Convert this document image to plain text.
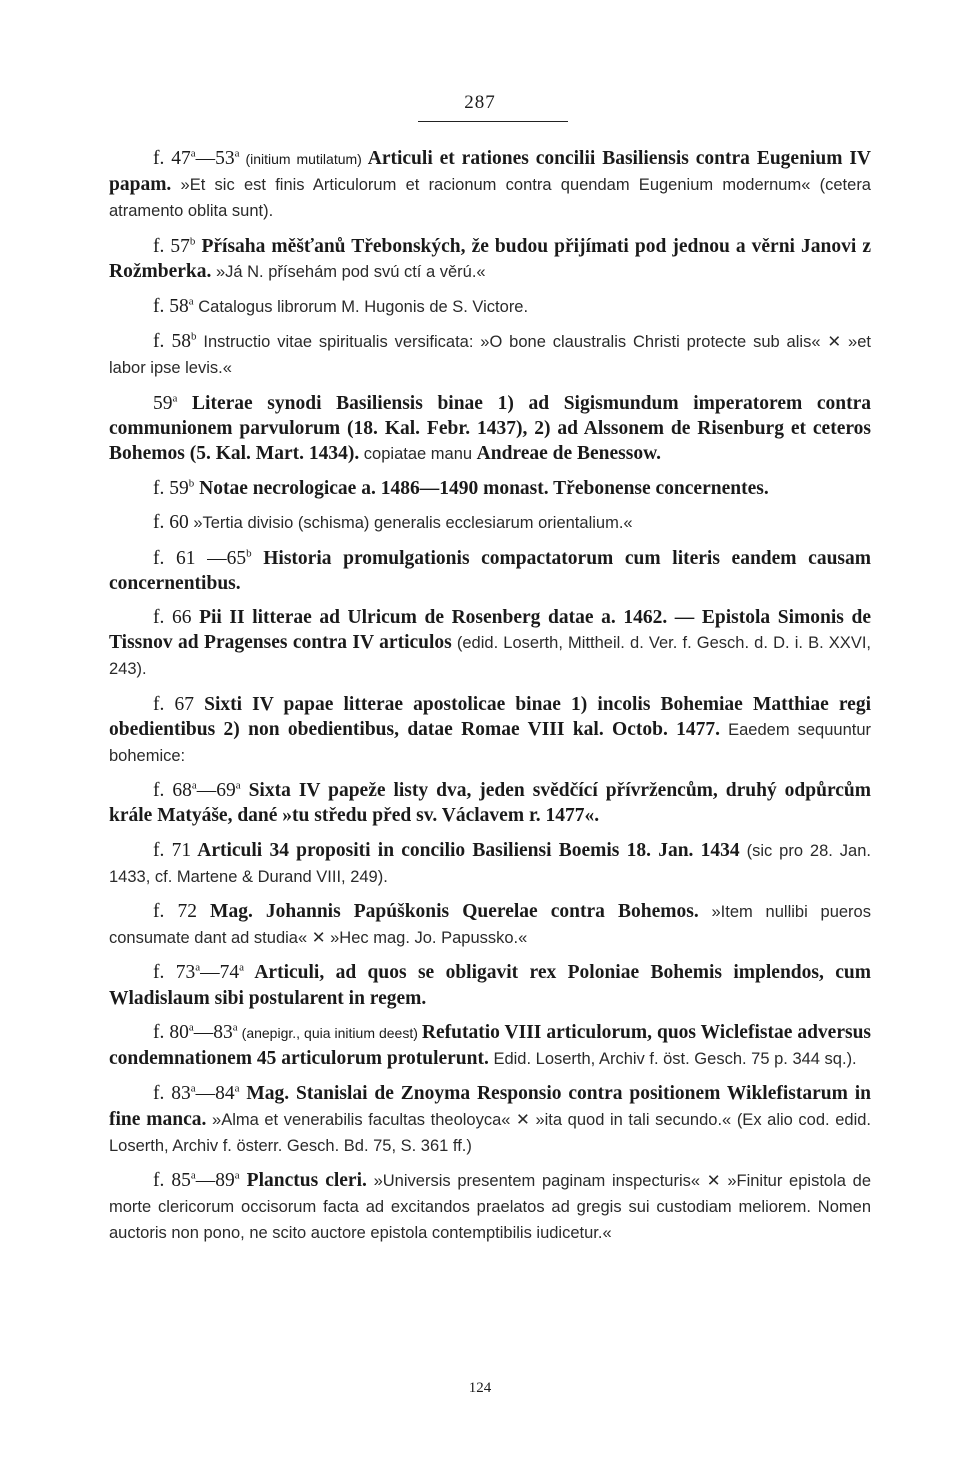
287

f. 47$^a$—53$^a$ (initium mutilatum) Articuli et rationes concilii Basiliensis contra Eugenium IV papam. »Et sic est finis Articulorum et racionum contra quendam Eugenium modernum« (cetera atramento oblita sunt).

f. 57$^b$ Přísaha měšťanů Třebonských, že budou přijímati pod jednou a věrni Janovi z Rožmberka. »Já N. přísehám pod svú ctí a věrú.«

f. 58$^a$ Catalogus librorum M. Hugonis de S. Victore.

f. 58$^b$ Instructio vitae spiritualis versificata: »O bone claustralis Christi protecte sub alis« ✕ »et labor ipse levis.«

59$^a$ Literae synodi Basiliensis binae 1) ad Sigismundum imperatorem contra communionem parvulorum (18. Kal. Febr. 1437), 2) ad Alssonem de Risenburg et ceteros Bohemos (5. Kal. Mart. 1434). copiatae manu Andreae de Benessow.

f. 59$^b$ Notae necrologicae a. 1486—1490 monast. Třebonense concernentes.

f. 60 »Tertia divisio (schisma) generalis ecclesiarum orientalium.«

f. 61 —65$^b$ Historia promulgationis compactatorum cum literis eandem causam concernentibus.

f. 66 Pii II litterae ad Ulricum de Rosenberg datae a. 1462. — Epistola Simonis de Tissnov ad Pragenses contra IV articulos (edid. Loserth, Mittheil. d. Ver. f. Gesch. d. D. i. B. XXVI, 243).

f. 67 Sixti IV papae litterae apostolicae binae 1) incolis Bohemiae Matthiae regi obedientibus 2) non obedientibus, datae Romae VIII kal. Octob. 1477. Eaedem sequuntur bohemice:

f. 68$^a$—69$^a$ Sixta IV papeže listy dva, jeden svědčící přívržencům, druhý odpůrcům krále Matyáše, dané »tu středu před sv. Václavem r. 1477«.

f. 71 Articuli 34 propositi in concilio Basiliensi Boemis 18. Jan. 1434 (sic pro 28. Jan. 1433, cf. Martene & Durand VIII, 249).

f. 72 Mag. Johannis Papúškonis Querelae contra Bohemos. »Item nullibi pueros consumate dant ad studia« ✕ »Hec mag. Jo. Papussko.«

f. 73$^a$—74$^a$ Articuli, ad quos se obligavit rex Poloniae Bohemis implendos, cum Wladislaum sibi postularent in regem.

f. 80$^a$—83$^a$ (anepigr., quia initium deest) Refutatio VIII articulorum, quos Wiclefistae adversus condemnationem 45 articulorum protulerunt. Edid. Loserth, Archiv f. öst. Gesch. 75 p. 344 sq.).

f. 83$^a$—84$^a$ Mag. Stanislai de Znoyma Responsio contra positionem Wiklefistarum in fine manca. »Alma et venerabilis facultas theoloyca« ✕ »ita quod in tali secundo.« (Ex alio cod. edid. Loserth, Archiv f. österr. Gesch. Bd. 75, S. 361 ff.)

f. 85$^a$—89$^a$ Planctus cleri. »Universis presentem paginam inspecturis« ✕ »Finitur epistola de morte clericorum occisorum facta ad excitandos praelatos ad gregis sui custodiam meliorem. Nomen auctoris non pono, ne scito auctore epistola contemptibilis iudicetur.«

124
